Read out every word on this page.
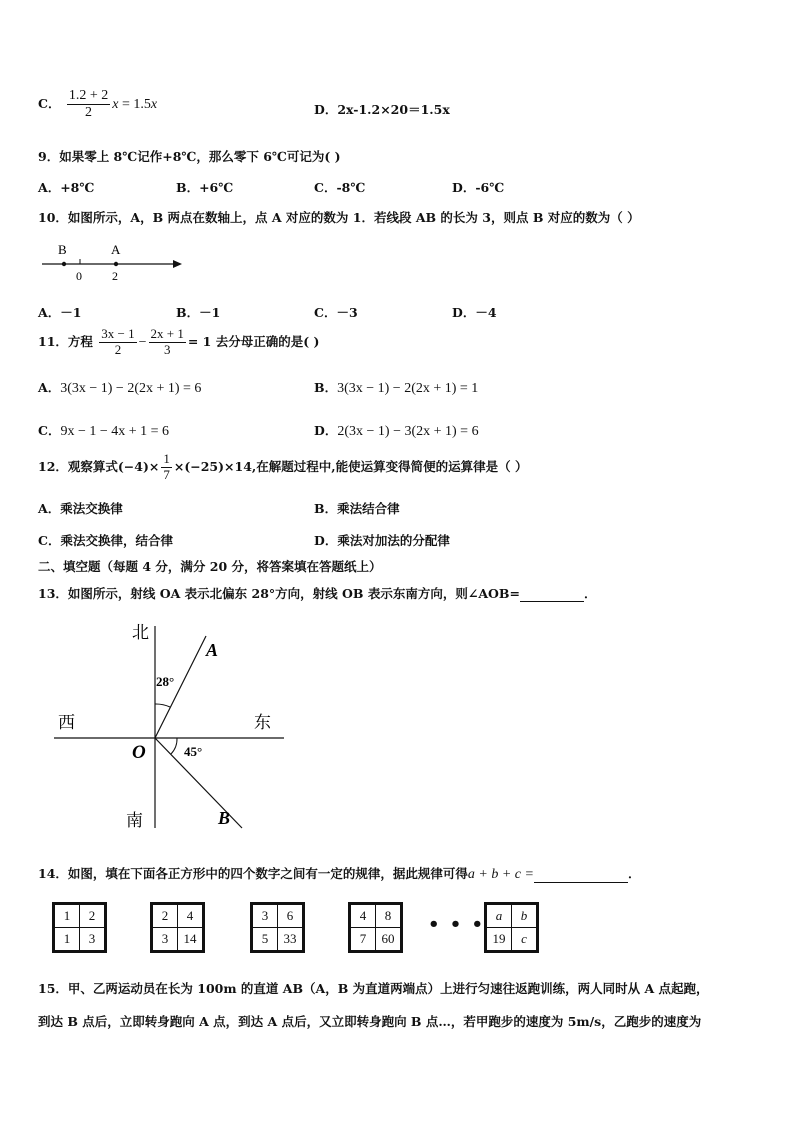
C． $\frac{1.2 + 2}{2}$ x = 1.5x	D．2x-1.2×20＝1.5x
9．如果零上 8℃记作+8℃，那么零下 6℃可记为( )
A．+8℃	B．+6℃	C．-8℃	D．-6℃
10．如图所示，A，B 两点在数轴上，点 A 对应的数为 1．若线段 AB 的长为 3，则点 B 对应的数为（ ）
B	A
0	2
A．－1	B．－1	C．－3	D．－4
11．方程 $\frac{3x - 1}{2} - \frac{2x + 1}{3} = 1$ 去分母正确的是( )
A．3(3x − 1) − 2(2x + 1) = 6	B．3(3x − 1) − 2(2x + 1) = 1
C．9x − 1 − 4x + 1 = 6	D．2(3x − 1) − 3(2x + 1) = 6
12．观察算式$(-4)\times \frac{1}{7} \times(-25)\times 14$,在解题过程中,能使运算变得简便的运算律是（ ）
A．乘法交换律	B．乘法结合律
C．乘法交换律，结合律	D．乘法对加法的分配律
二、填空题（每题 4 分，满分 20 分，将答案填在答题纸上）
13．如图所示，射线 OA 表示北偏东 28°方向，射线 OB 表示东南方向，则∠AOB=	．
北
南
西	东
O
A
B
28°
45°
14．如图，填在下面各正方形中的四个数字之间有一定的规律，据此规律可得a + b + c =	．
1	2
1	3
2	4
3	14
3	6
5	33
4	8
7	60
• • • a	b
19	c
15．甲、乙两运动员在长为 100m 的直道 AB（A，B 为直道两端点）上进行匀速往返跑训练，两人同时从 A 点起跑，
到达 B 点后，立即转身跑向 A 点，到达 A 点后，又立即转身跑向 B 点…，若甲跑步的速度为 5m/s，乙跑步的速度为
